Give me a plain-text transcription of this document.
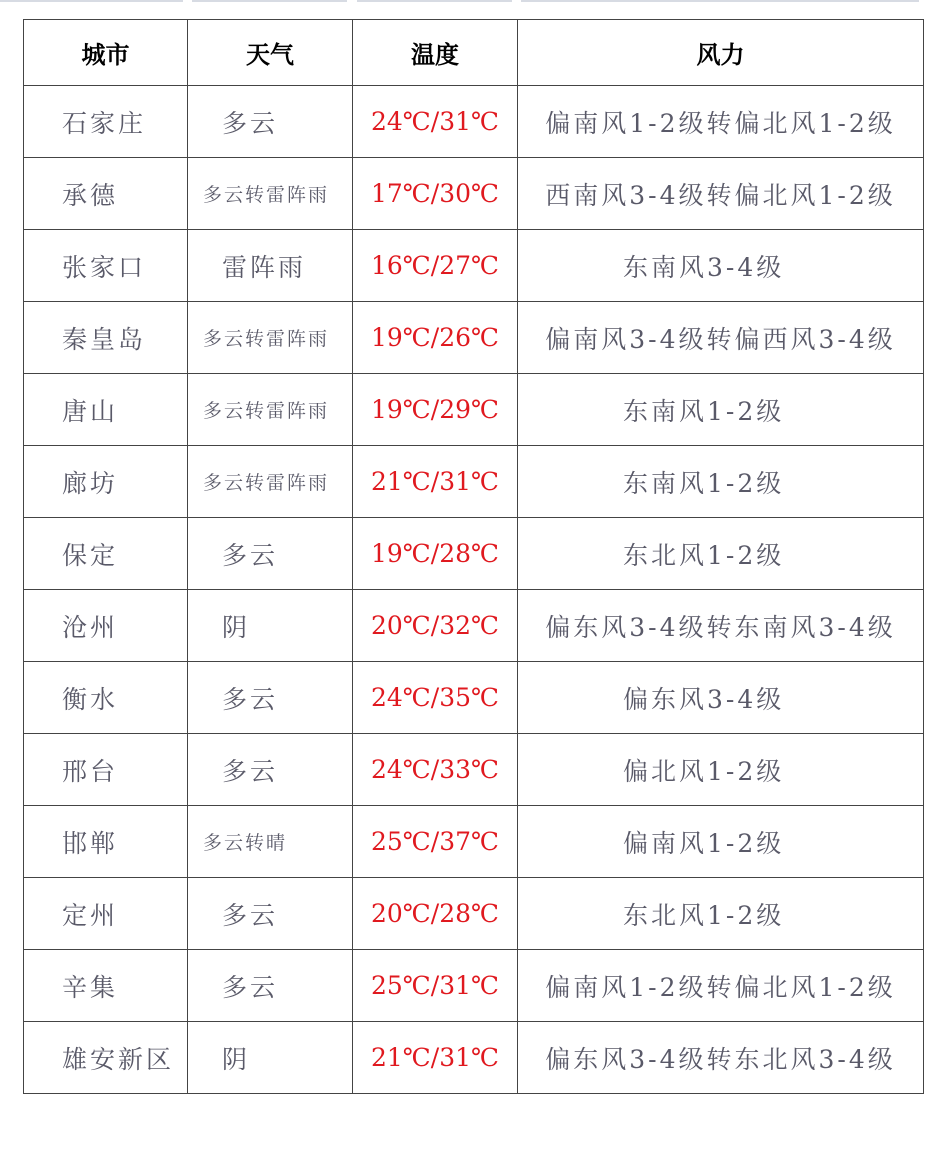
城市	天气	温度	风力
石家庄	多云	24℃/31℃	偏南风1-2级转偏北风1-2级
承德	多云转雷阵雨	17℃/30℃	西南风3-4级转偏北风1-2级
张家口	雷阵雨	16℃/27℃	东南风3-4级
秦皇岛	多云转雷阵雨	19℃/26℃	偏南风3-4级转偏西风3-4级
唐山	多云转雷阵雨	19℃/29℃	东南风1-2级
廊坊	多云转雷阵雨	21℃/31℃	东南风1-2级
保定	多云	19℃/28℃	东北风1-2级
沧州	阴	20℃/32℃	偏东风3-4级转东南风3-4级
衡水	多云	24℃/35℃	偏东风3-4级
邢台	多云	24℃/33℃	偏北风1-2级
邯郸	多云转晴	25℃/37℃	偏南风1-2级
定州	多云	20℃/28℃	东北风1-2级
辛集	多云	25℃/31℃	偏南风1-2级转偏北风1-2级
雄安新区	阴	21℃/31℃	偏东风3-4级转东北风3-4级
